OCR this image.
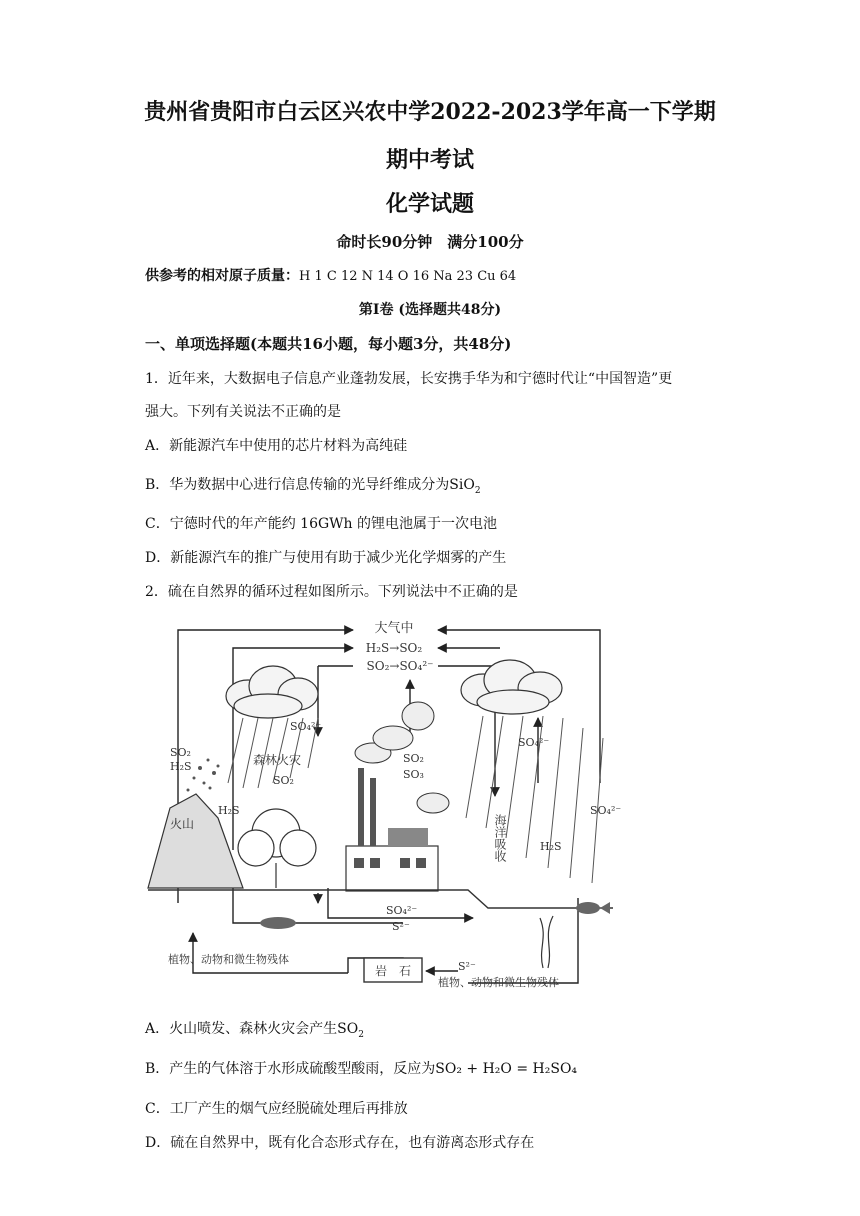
贵州省贵阳市白云区兴农中学2022-2023学年高一下学期
期中考试
化学试题
命时长90分钟　满分100分
供参考的相对原子质量：H 1 C 12 N 14 O 16 Na 23 Cu 64
第Ⅰ卷 (选择题共48分)
一、单项选择题(本题共16小题，每小题3分，共48分)
1．近年来，大数据电子信息产业蓬勃发展，长安携手华为和宁德时代让“中国智造”更
强大。下列有关说法不正确的是
A．新能源汽车中使用的芯片材料为高纯硅
B．华为数据中心进行信息传输的光导纤维成分为SiO$_2$
C．宁德时代的年产能约 16GWh 的锂电池属于一次电池
D．新能源汽车的推广与使用有助于减少光化学烟雾的产生
2．硫在自然界的循环过程如图所示。下列说法中不正确的是
大气中
H₂S→SO₂
SO₂→SO₄²⁻
SO₂
H₂S
火山
H₂S
森林火灾
SO₂
SO₄²⁻
SO₂
SO₃
SO₄²⁻
海洋吸收	H₂S
SO₄²⁻
SO₄²⁻
S²⁻
岩　石	S²⁻
植物、动物和微生物残体
植物、动物和微生物残体
A．火山喷发、森林火灾会产生$SO_2$
B．产生的气体溶于水形成硫酸型酸雨，反应为SO₂ + H₂O = H₂SO₄
C．工厂产生的烟气应经脱硫处理后再排放
D．硫在自然界中，既有化合态形式存在，也有游离态形式存在
